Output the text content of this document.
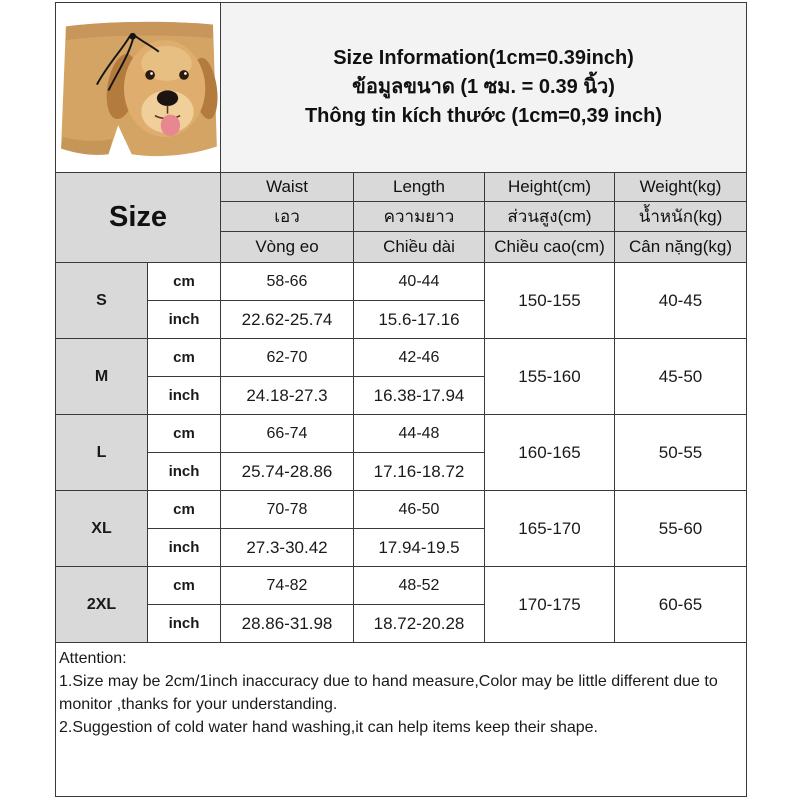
Size Information(1cm=0.39inch)
ข้อมูลขนาด (1 ซม. = 0.39 นิ้ว)
Thông tin kích thước (1cm=0,39 inch)			

Size		Waist	Length	Height(cm)	Weight(kg)
		เอว	ความยาว	ส่วนสูง(cm)	น้ำหนัก(kg)
		Vòng eo	Chiều dài	Chiều cao(cm)	Cân nặng(kg)
S	cm	58-66	40-44	150-155	40-45
	inch	22.62-25.74	15.6-17.16		
M	cm	62-70	42-46	155-160	45-50
	inch	24.18-27.3	16.38-17.94		
L	cm	66-74	44-48	160-165	50-55
	inch	25.74-28.86	17.16-18.72		
XL	cm	70-78	46-50	165-170	55-60
	inch	27.3-30.42	17.94-19.5		
2XL	cm	74-82	48-52	170-175	60-65
	inch	28.86-31.98	18.72-20.28		

Attention:
1.Size may be 2cm/1inch inaccuracy due to hand measure,Color may be little different due to monitor ,thanks for your understanding.
2.Suggestion of cold water hand washing,it can help items keep their shape.					
